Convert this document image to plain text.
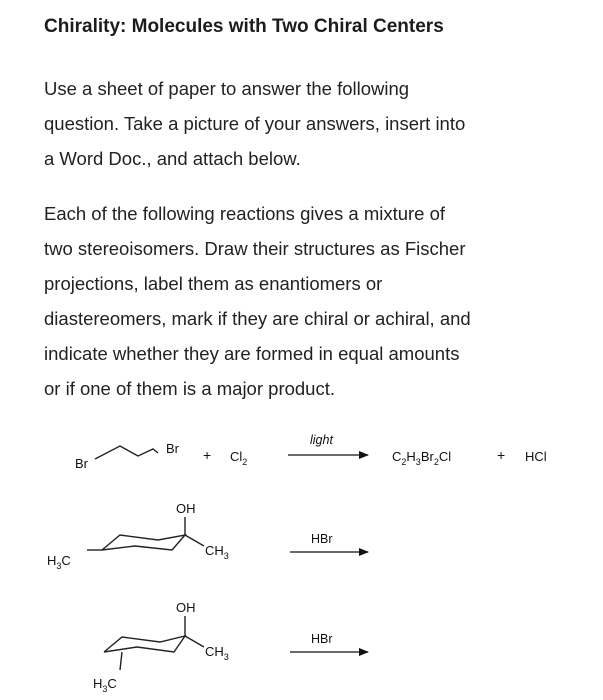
Chirality: Molecules with Two Chiral Centers
Use a sheet of paper to answer the following
question. Take a picture of your answers, insert into
a Word Doc., and attach below.
Each of the following reactions gives a mixture of
two stereoisomers. Draw their structures as Fischer
projections, label them as enantiomers or
diastereomers, mark if they are chiral or achiral, and
indicate whether they are formed in equal amounts
or if one of them is a major product.
Br
$Br + Cl_2$
light
$C_2H_3Br_2Cl$	+ HCl
OH
$CH_3$
$H_3C$
HBr
OH
$CH_3$
$H_3C$
HBr
